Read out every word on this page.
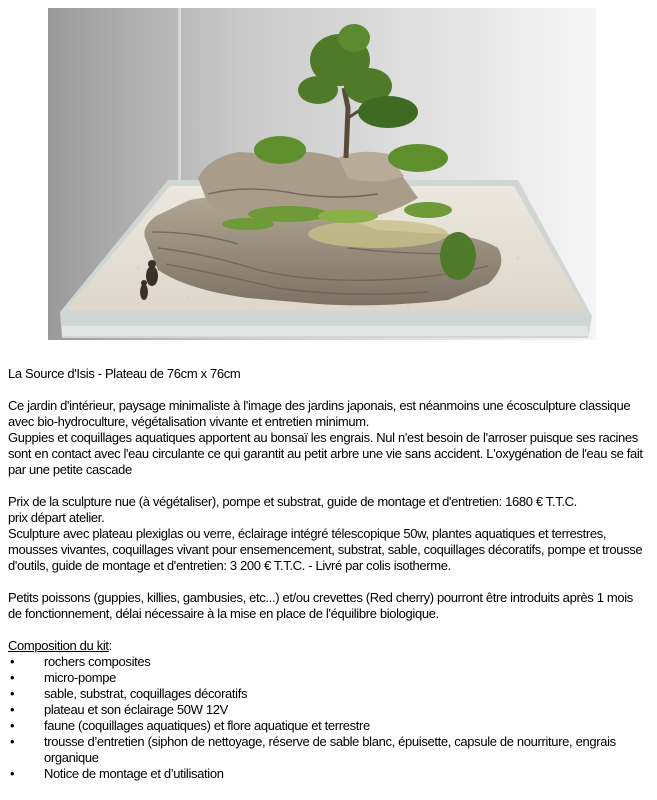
La Source d'Isis - Plateau de 76cm x 76cm

Ce jardin d'intérieur, paysage minimaliste à l'image des jardins japonais, est néanmoins une écosculpture classique avec bio-hydroculture, végétalisation vivante et entretien minimum.

Guppies et coquillages aquatiques apportent au bonsaï les engrais. Nul n'est besoin de l'arroser puisque ses racines sont en contact avec l'eau circulante ce qui garantit au petit arbre une vie sans accident. L'oxygénation de l'eau se fait par une petite cascade

Prix de la sculpture nue (à végétaliser), pompe et substrat, guide de montage et d'entretien: 1680 € T.T.C.

prix départ atelier.

Sculpture avec plateau plexiglas ou verre, éclairage intégré télescopique 50w, plantes aquatiques et terrestres, mousses vivantes, coquillages vivant pour ensemencement, substrat, sable, coquillages décoratifs, pompe et trousse d'outils, guide de montage et d'entretien: 3 200 € T.T.C. - Livré par colis isotherme.

Petits poissons (guppies, killies, gambusies, etc...) et/ou crevettes (Red cherry) pourront être introduits après 1 mois de fonctionnement, délai nécessaire à la mise en place de l'équilibre biologique.

Composition du kit:

• rochers composites
• micro-pompe
• sable, substrat, coquillages décoratifs
• plateau et son éclairage 50W 12V
• faune (coquillages aquatiques) et flore aquatique et terrestre
• trousse d’entretien (siphon de nettoyage, réserve de sable blanc, épuisette, capsule de nourriture, engrais organique
• Notice de montage et d’utilisation
